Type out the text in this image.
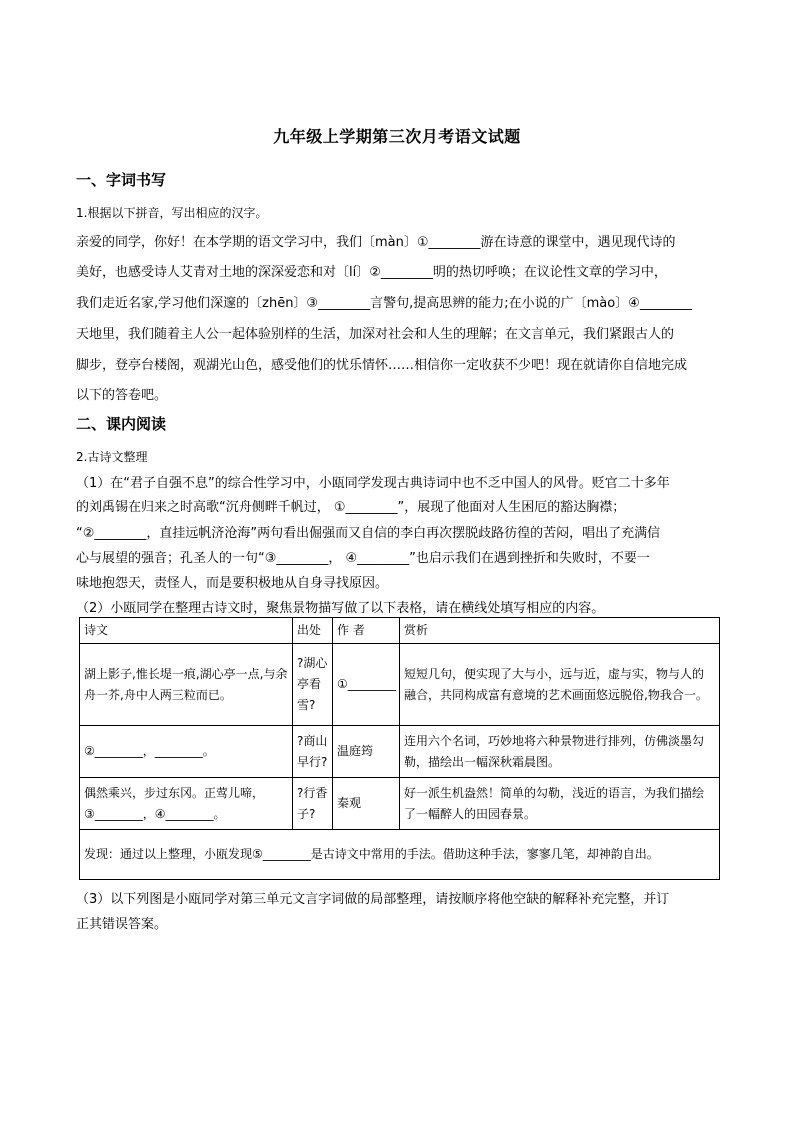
九年级上学期第三次月考语文试题
一、字词书写
1.根据以下拼音，写出相应的汉字。
亲爱的同学，你好！在本学期的语文学习中，我们〔màn〕①________游在诗意的课堂中，遇见现代诗的
美好，也感受诗人艾青对土地的深深爱恋和对〔lí〕②________明的热切呼唤；在议论性文章的学习中，
我们走近名家,学习他们深邃的〔zhēn〕③________言警句,提高思辨的能力;在小说的广〔mào〕④________
天地里，我们随着主人公一起体验别样的生活，加深对社会和人生的理解；在文言单元，我们紧跟古人的
脚步，登亭台楼阁，观湖光山色，感受他们的忧乐情怀……相信你一定收获不少吧！现在就请你自信地完成
以下的答卷吧。
二、课内阅读
2.古诗文整理
（1）在“君子自强不息”的综合性学习中，小瓯同学发现古典诗词中也不乏中国人的风骨。贬官二十多年
的刘禹锡在归来之时高歌“沉舟侧畔千帆过， ①________”，展现了他面对人生困厄的豁达胸襟；
“②________，直挂远帆济沧海”两句看出倔强而又自信的李白再次摆脱歧路彷徨的苦闷，唱出了充满信
心与展望的强音；孔圣人的一句“③________， ④________”也启示我们在遇到挫折和失败时，不要一
味地抱怨天，责怪人，而是要积极地从自身寻找原因。
（2）小瓯同学在整理古诗文时，聚焦景物描写做了以下表格，请在横线处填写相应的内容。
诗文	出处	作 者	赏析
湖上影子,惟长堤一痕,湖心亭一点,与余舟一芥,舟中人两三粒而已。	?湖心亭看雪?	①________	短短几句，便实现了大与小，远与近，虚与实，物与人的融合，共同构成富有意境的艺术画面悠远脱俗,物我合一。
②________，________。	?商山早行?	温庭筠	连用六个名词，巧妙地将六种景物进行排列，仿佛淡墨勾勒，描绘出一幅深秋霜晨图。
偶然乘兴，步过东冈。正莺儿啼，③________，④________。	?行香子?	秦观	好一派生机盎然！简单的勾勒，浅近的语言，为我们描绘了一幅醉人的田园春景。
发现：通过以上整理，小瓯发现⑤________是古诗文中常用的手法。借助这种手法，寥寥几笔，却神韵自出。			
（3）以下列图是小瓯同学对第三单元文言字词做的局部整理，请按顺序将他空缺的解释补充完整，并订
正其错误答案。
